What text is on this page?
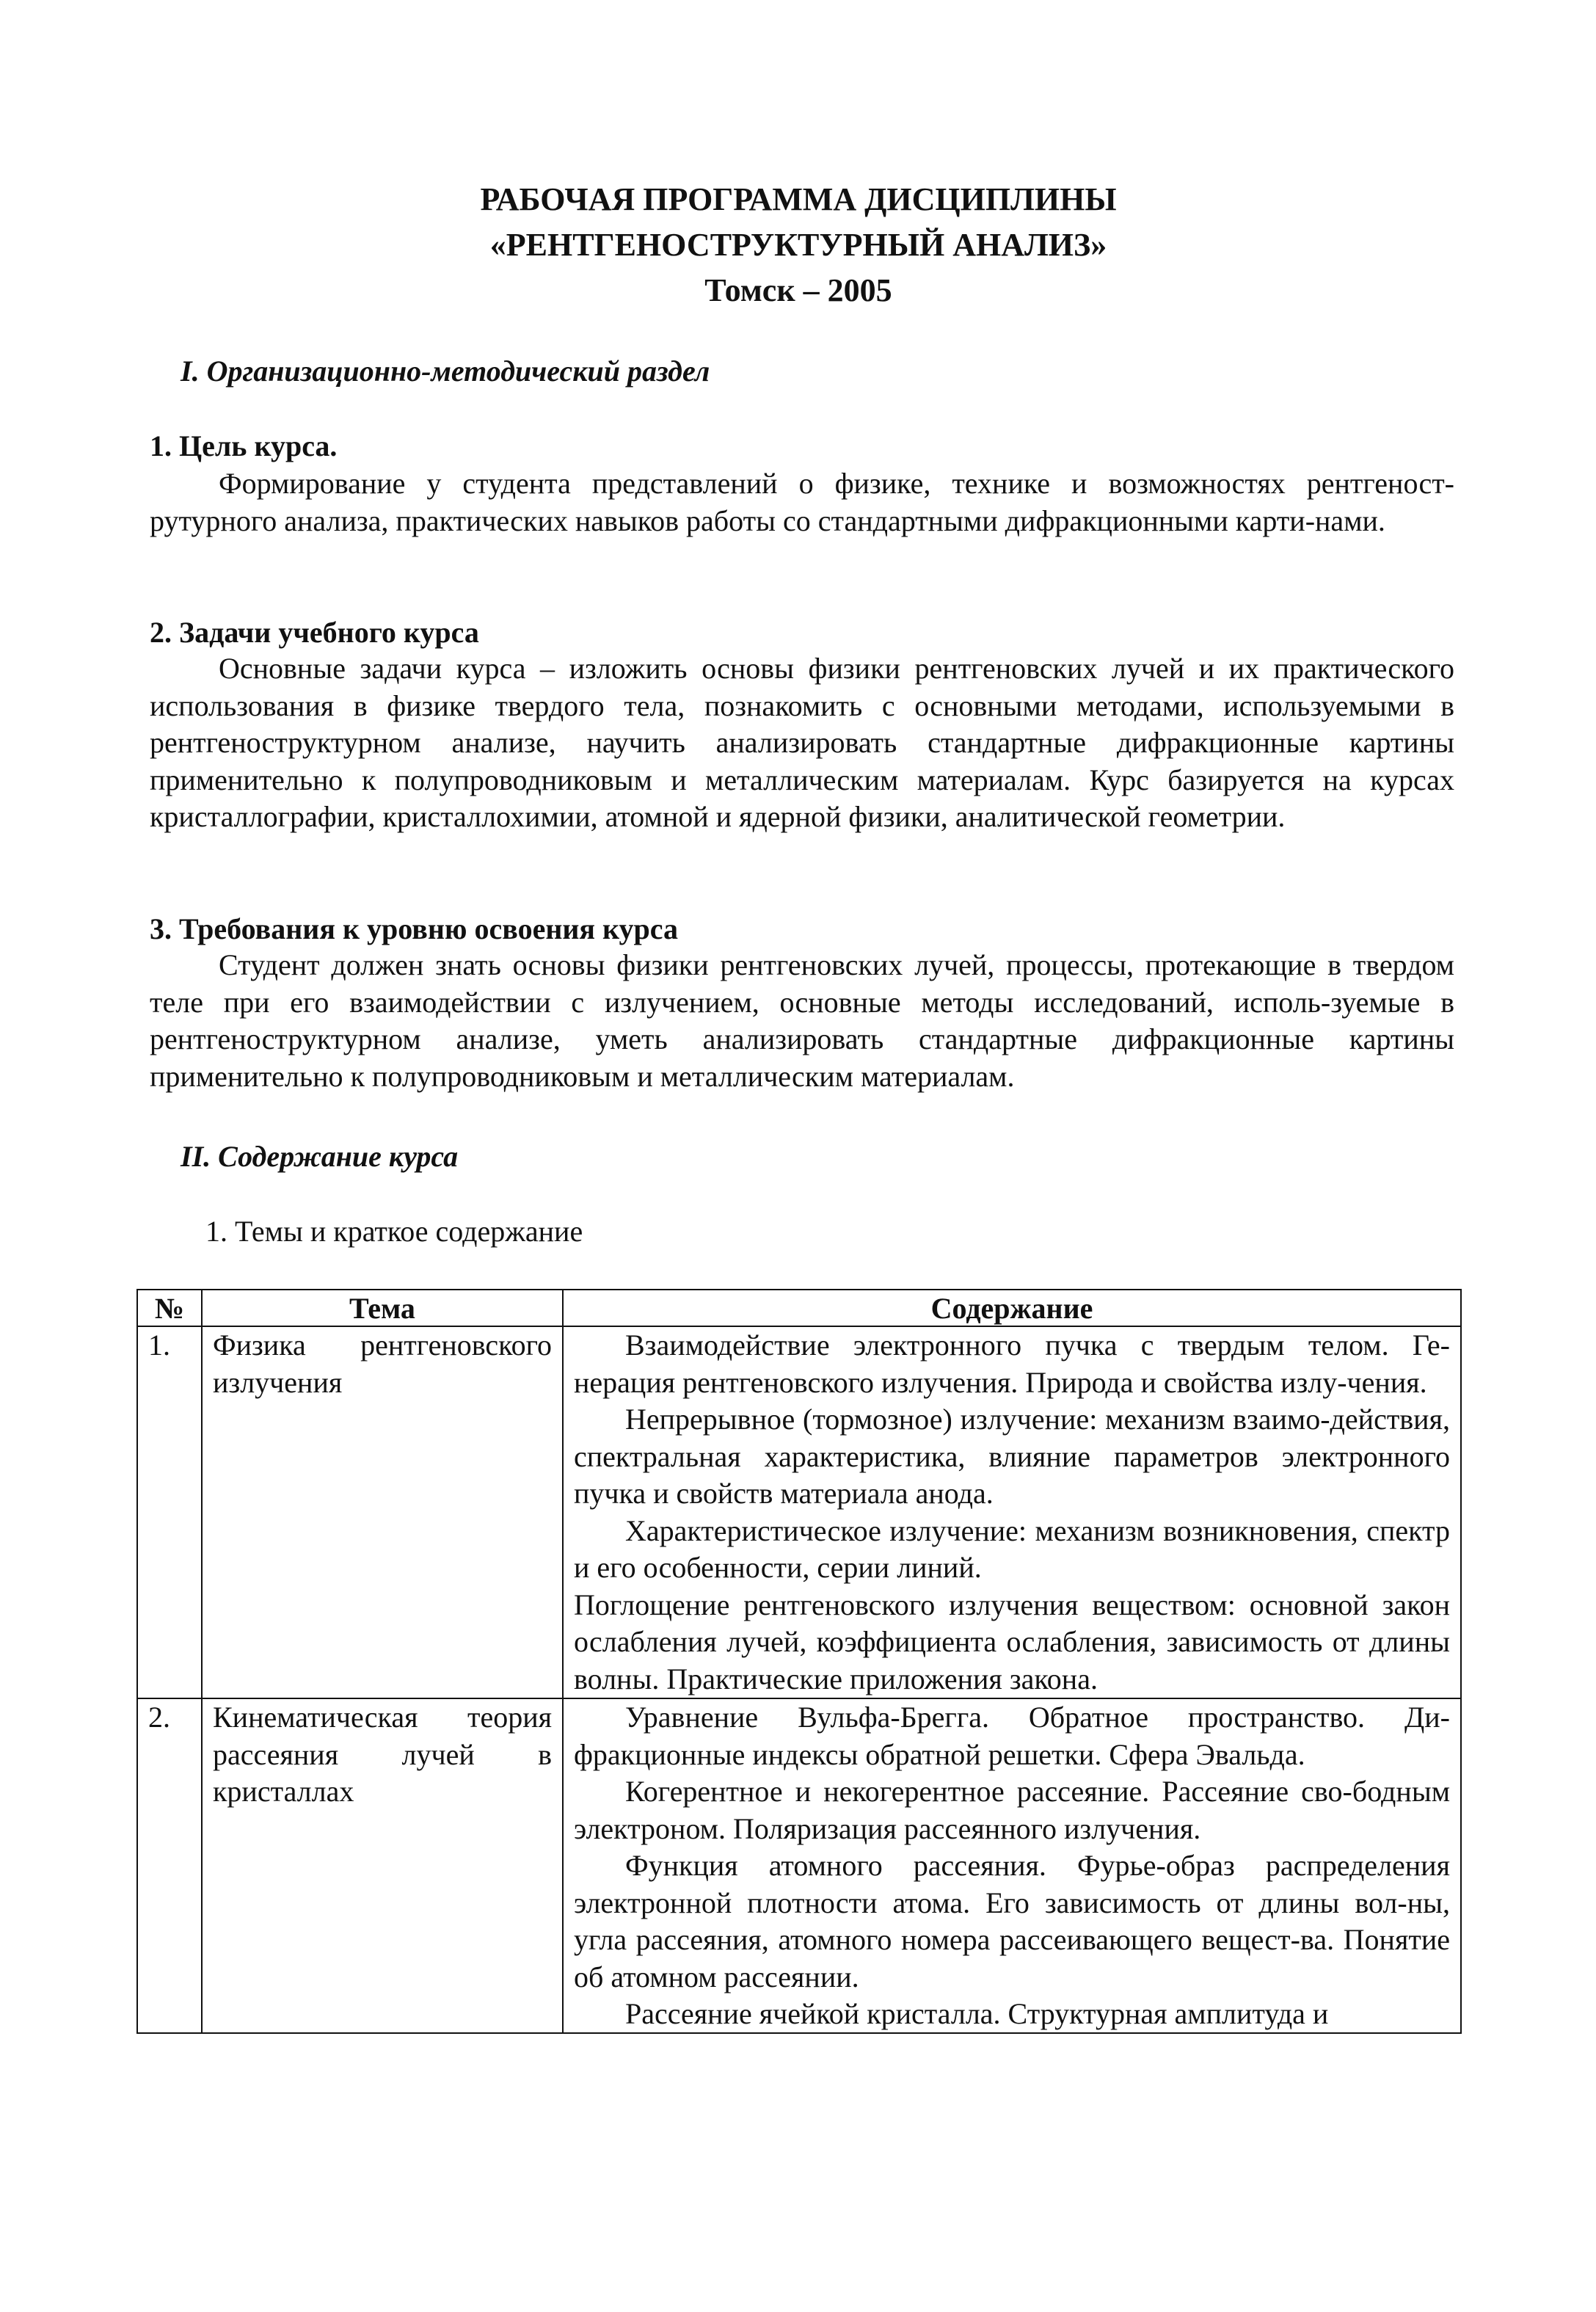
РАБОЧАЯ ПРОГРАММА ДИСЦИПЛИНЫ
«РЕНТГЕНОСТРУКТУРНЫЙ АНАЛИЗ»
Томск – 2005
I. Организационно-методический раздел
1. Цель курса.

Формирование у студента представлений о физике, технике и возможностях рентгеност-рутурного анализа, практических навыков работы со стандартными дифракционными карти-нами.

2. Задачи учебного курса

Основные задачи курса – изложить основы физики рентгеновских лучей и их практического использования в физике твердого тела, познакомить с основными методами, используемыми в рентгеноструктурном анализе, научить анализировать стандартные дифракционные картины применительно к полупроводниковым и металлическим материалам. Курс базируется на курсах кристаллографии, кристаллохимии, атомной и ядерной физики, аналитической геометрии.

3. Требования к уровню освоения курса

Студент должен знать основы физики рентгеновских лучей, процессы, протекающие в твердом теле при его взаимодействии с излучением, основные методы исследований, исполь-зуемые в рентгеноструктурном анализе, уметь анализировать стандартные дифракционные картины применительно к полупроводниковым и металлическим материалам.

II. Содержание курса
1. Темы и краткое содержание
№	Тема	Содержание
1.	Физика рентгеновского излучения	Взаимодействие электронного пучка с твердым телом. Ге-нерация рентгеновского излучения. Природа и свойства излу-чения.

Непрерывное (тормозное) излучение: механизм взаимо-действия, спектральная характеристика, влияние параметров электронного пучка и свойств материала анода.

Характеристическое излучение: механизм возникновения, спектр и его особенности, серии линий.

Поглощение рентгеновского излучения веществом: основной закон ослабления лучей, коэффициента ослабления, зависимость от длины волны. Практические приложения закона.

2.	Кинематическая теория рассеяния лучей в кристаллах	Уравнение Вульфа-Брегга. Обратное пространство. Ди-фракционные индексы обратной решетки. Сфера Эвальда.

Когерентное и некогерентное рассеяние. Рассеяние сво-бодным электроном. Поляризация рассеянного излучения.

Функция атомного рассеяния. Фурье-образ распределения электронной плотности атома. Его зависимость от длины вол-ны, угла рассеяния, атомного номера рассеивающего вещест-ва. Понятие об атомном рассеянии.

Рассеяние ячейкой кристалла. Структурная амплитуда и
